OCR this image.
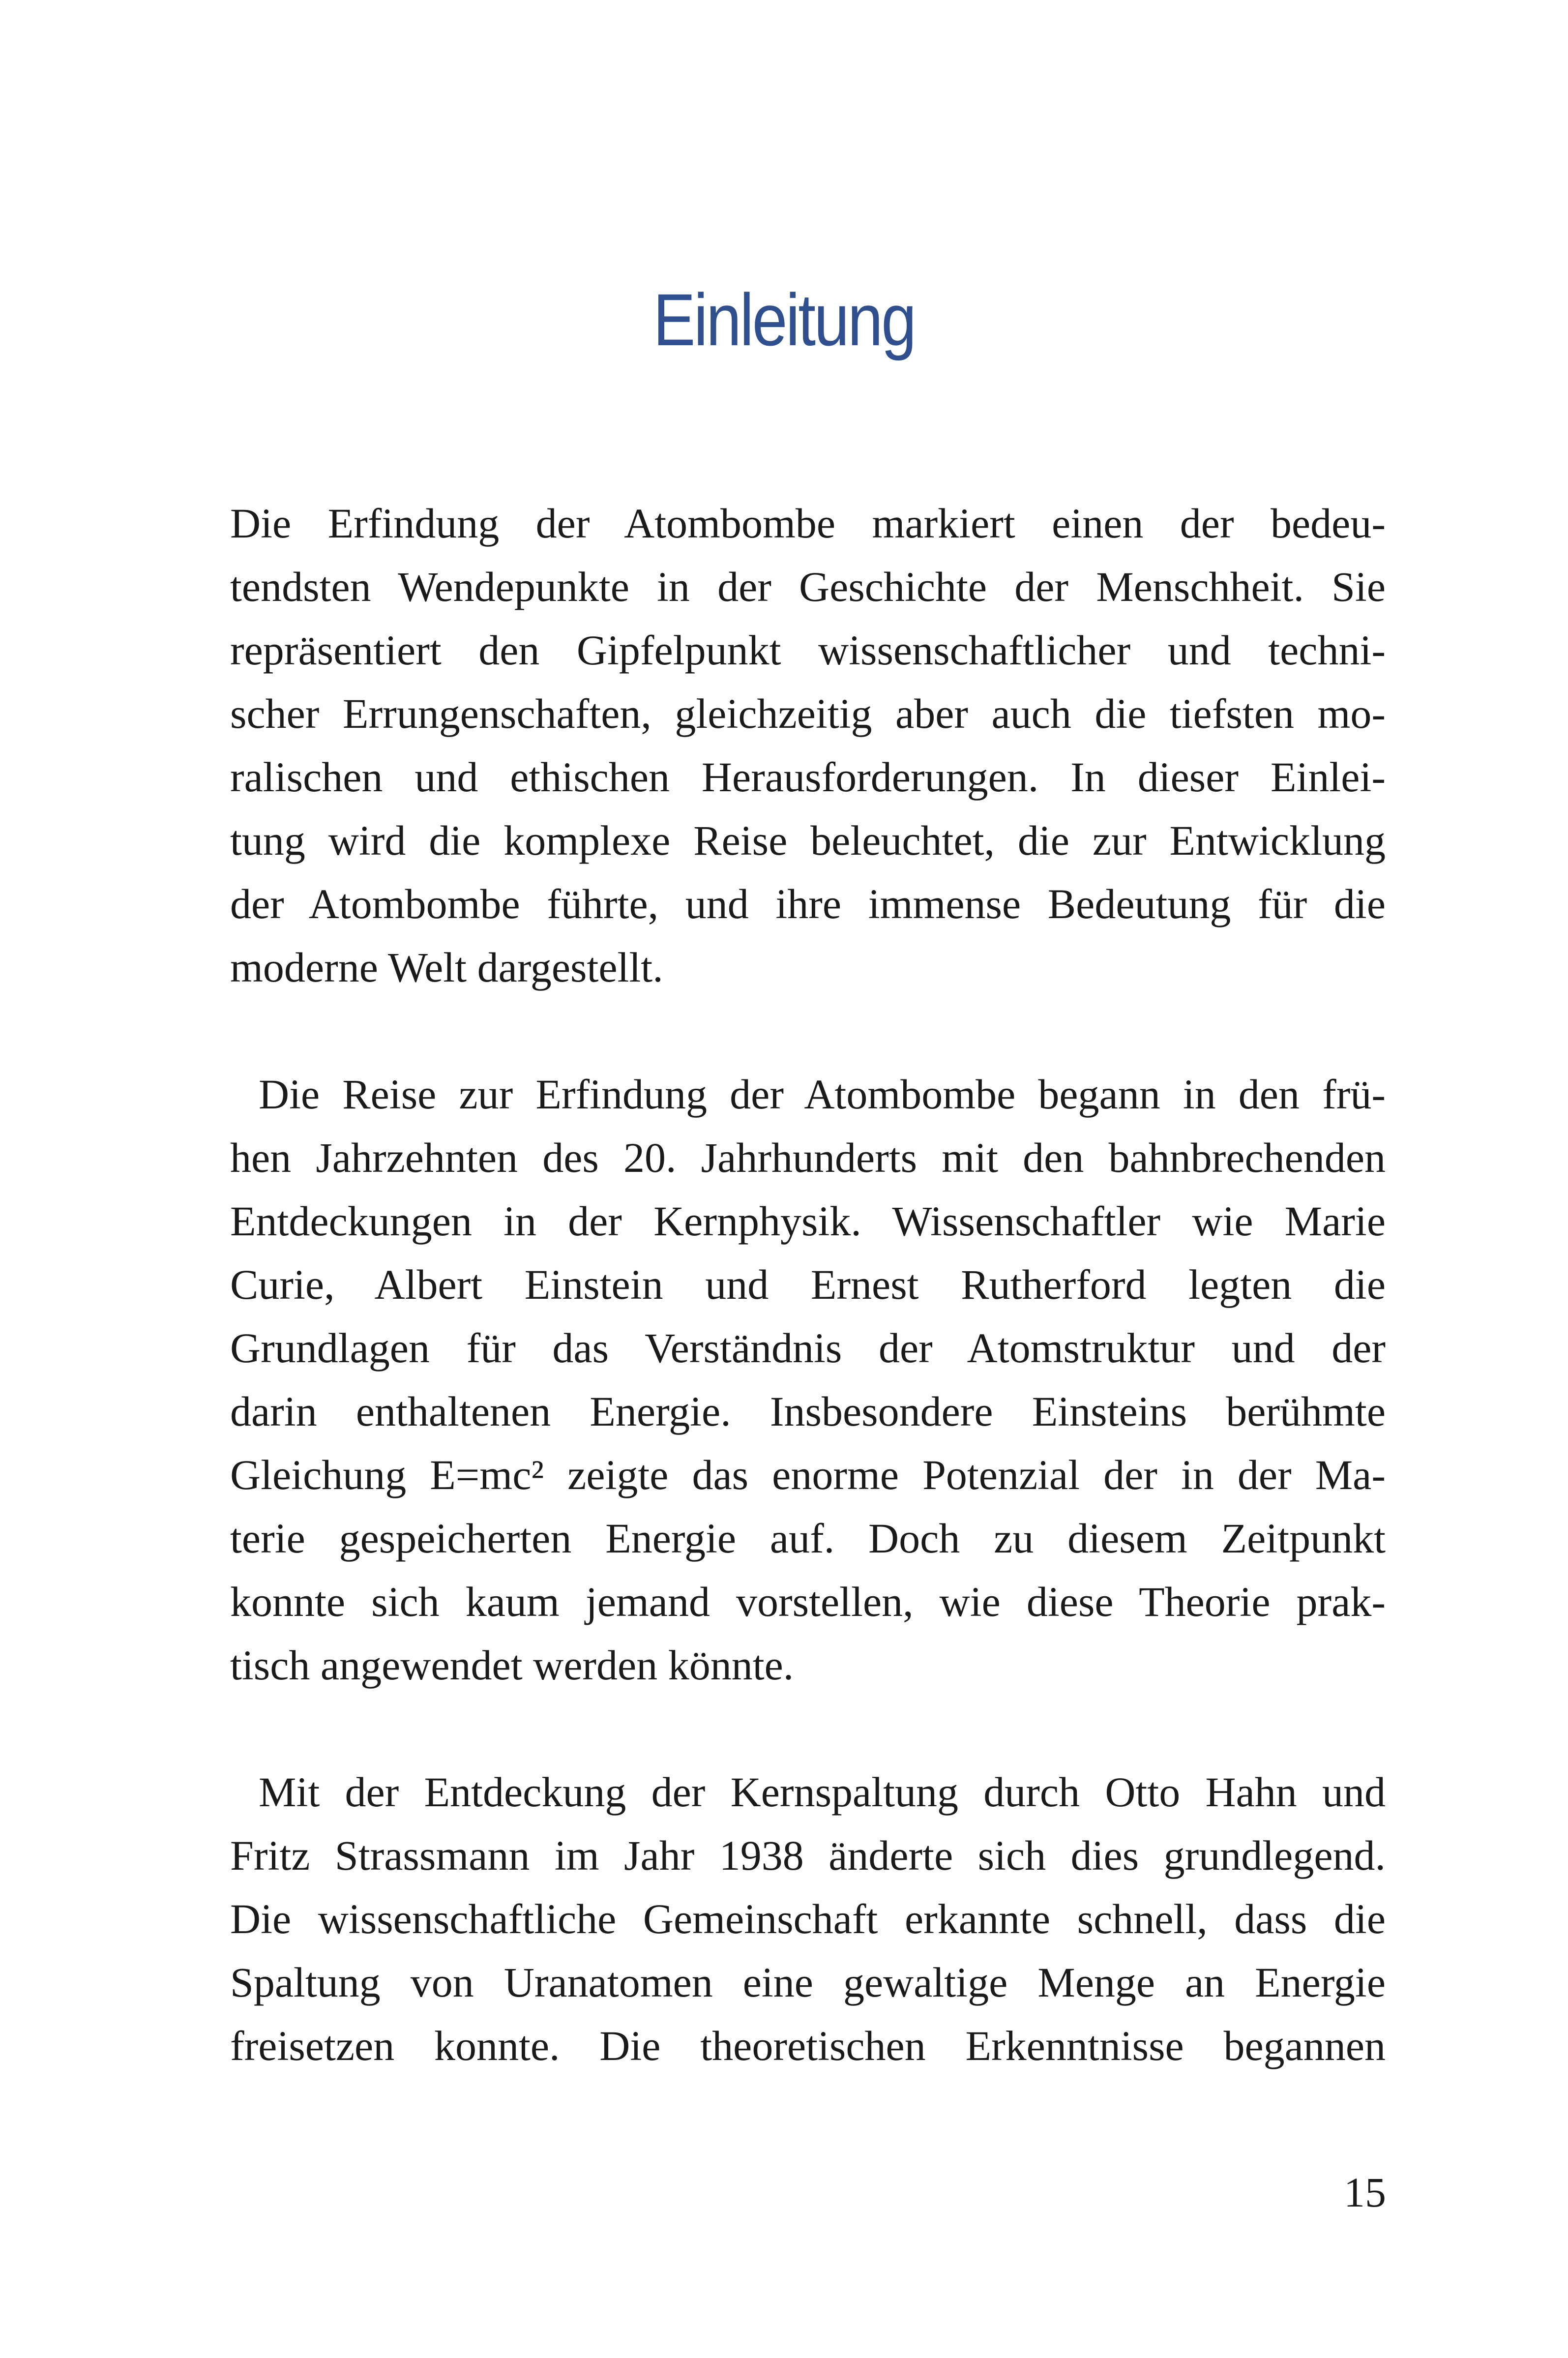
Einleitung

Die Erfindung der Atombombe markiert einen der bedeu-
tendsten Wendepunkte in der Geschichte der Menschheit. Sie
repräsentiert den Gipfelpunkt wissenschaftlicher und techni-
scher Errungenschaften, gleichzeitig aber auch die tiefsten mo-
ralischen und ethischen Herausforderungen. In dieser Einlei-
tung wird die komplexe Reise beleuchtet, die zur Entwicklung
der Atombombe führte, und ihre immense Bedeutung für die
moderne Welt dargestellt.

Die Reise zur Erfindung der Atombombe begann in den frü-
hen Jahrzehnten des 20. Jahrhunderts mit den bahnbrechenden
Entdeckungen in der Kernphysik. Wissenschaftler wie Marie
Curie, Albert Einstein und Ernest Rutherford legten die
Grundlagen für das Verständnis der Atomstruktur und der
darin enthaltenen Energie. Insbesondere Einsteins berühmte
Gleichung E=mc² zeigte das enorme Potenzial der in der Ma-
terie gespeicherten Energie auf. Doch zu diesem Zeitpunkt
konnte sich kaum jemand vorstellen, wie diese Theorie prak-
tisch angewendet werden könnte.

Mit der Entdeckung der Kernspaltung durch Otto Hahn und
Fritz Strassmann im Jahr 1938 änderte sich dies grundlegend.
Die wissenschaftliche Gemeinschaft erkannte schnell, dass die
Spaltung von Uranatomen eine gewaltige Menge an Energie
freisetzen konnte. Die theoretischen Erkenntnisse begannen

15
